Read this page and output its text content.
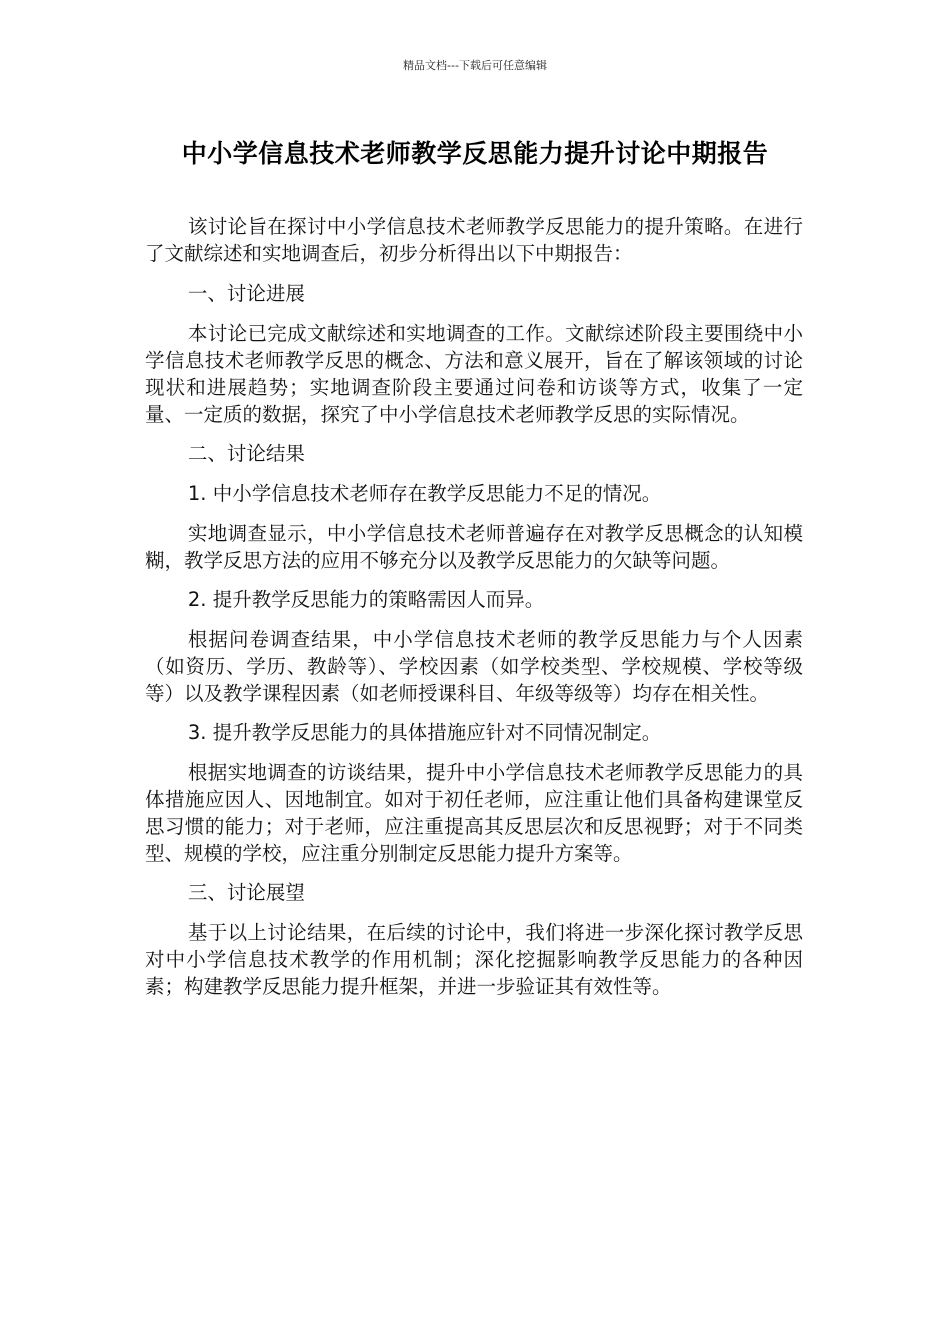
精品文档---下载后可任意编辑
中小学信息技术老师教学反思能力提升讨论中期报告

该讨论旨在探讨中小学信息技术老师教学反思能力的提升策略。在进行了文献综述和实地调查后，初步分析得出以下中期报告：

一、讨论进展

本讨论已完成文献综述和实地调查的工作。文献综述阶段主要围绕中小学信息技术老师教学反思的概念、方法和意义展开，旨在了解该领域的讨论现状和进展趋势；实地调查阶段主要通过问卷和访谈等方式，收集了一定量、一定质的数据，探究了中小学信息技术老师教学反思的实际情况。

二、讨论结果

1. 中小学信息技术老师存在教学反思能力不足的情况。

实地调查显示，中小学信息技术老师普遍存在对教学反思概念的认知模糊，教学反思方法的应用不够充分以及教学反思能力的欠缺等问题。

2. 提升教学反思能力的策略需因人而异。

根据问卷调查结果，中小学信息技术老师的教学反思能力与个人因素（如资历、学历、教龄等）、学校因素（如学校类型、学校规模、学校等级等）以及教学课程因素（如老师授课科目、年级等级等）均存在相关性。

3. 提升教学反思能力的具体措施应针对不同情况制定。

根据实地调查的访谈结果，提升中小学信息技术老师教学反思能力的具体措施应因人、因地制宜。如对于初任老师，应注重让他们具备构建课堂反思习惯的能力；对于老师，应注重提高其反思层次和反思视野；对于不同类型、规模的学校，应注重分别制定反思能力提升方案等。

三、讨论展望

基于以上讨论结果，在后续的讨论中，我们将进一步深化探讨教学反思对中小学信息技术教学的作用机制；深化挖掘影响教学反思能力的各种因素；构建教学反思能力提升框架，并进一步验证其有效性等。
